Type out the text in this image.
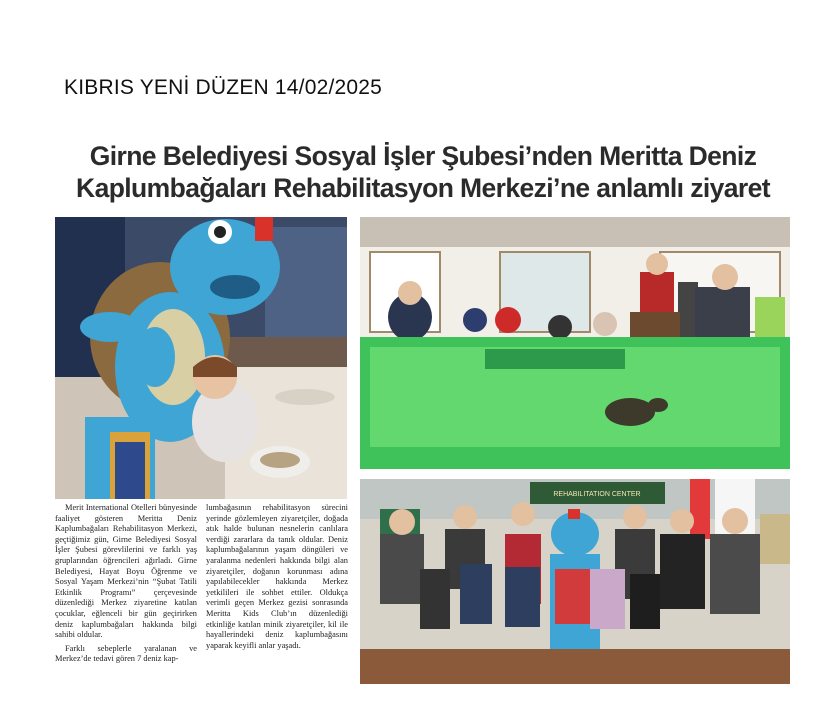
KIBRIS YENİ DÜZEN 14/02/2025
Girne Belediyesi Sosyal İşler Şubesi’nden Meritta Deniz
Kaplumbağaları Rehabilitasyon Merkezi’ne anlamlı ziyaret
REHABILITATION CENTER

Merit International Otelleri bünyesinde faaliyet gösteren Meritta Deniz Kaplumbağaları Rehabilitasyon Merkezi, geçtiğimiz gün, Girne Belediyesi Sosyal İşler Şubesi görevlilerini ve farklı yaş gruplarından öğrencileri ağırladı. Girne Belediyesi, Hayat Boyu Öğrenme ve Sosyal Yaşam Merkezi’nin “Şubat Tatili Etkinlik Programı” çerçevesinde düzenlediği Merkez ziyaretine katılan çocuklar, eğlenceli bir gün geçirirken deniz kaplumbağaları hakkında bilgi sahibi oldular.

Farklı sebeplerle yaralanan ve Merkez’de tedavi gören 7 deniz kap-

lumbağasının rehabilitasyon sürecini yerinde gözlemleyen ziyaretçiler, doğada atık halde bulunan nesnelerin canlılara verdiği zararlara da tanık oldular. Deniz kaplumbağalarının yaşam döngüleri ve yaralanma nedenleri hakkında bilgi alan ziyaretçiler, doğanın korunması adına yapılabilecekler hakkında Merkez yetkilileri ile sohbet ettiler. Oldukça verimli geçen Merkez gezisi sonrasında Meritta Kids Club’ın düzenlediği etkinliğe katılan minik ziyaretçiler, kil ile hayallerindeki deniz kaplumbağasını yaparak keyifli anlar yaşadı.
